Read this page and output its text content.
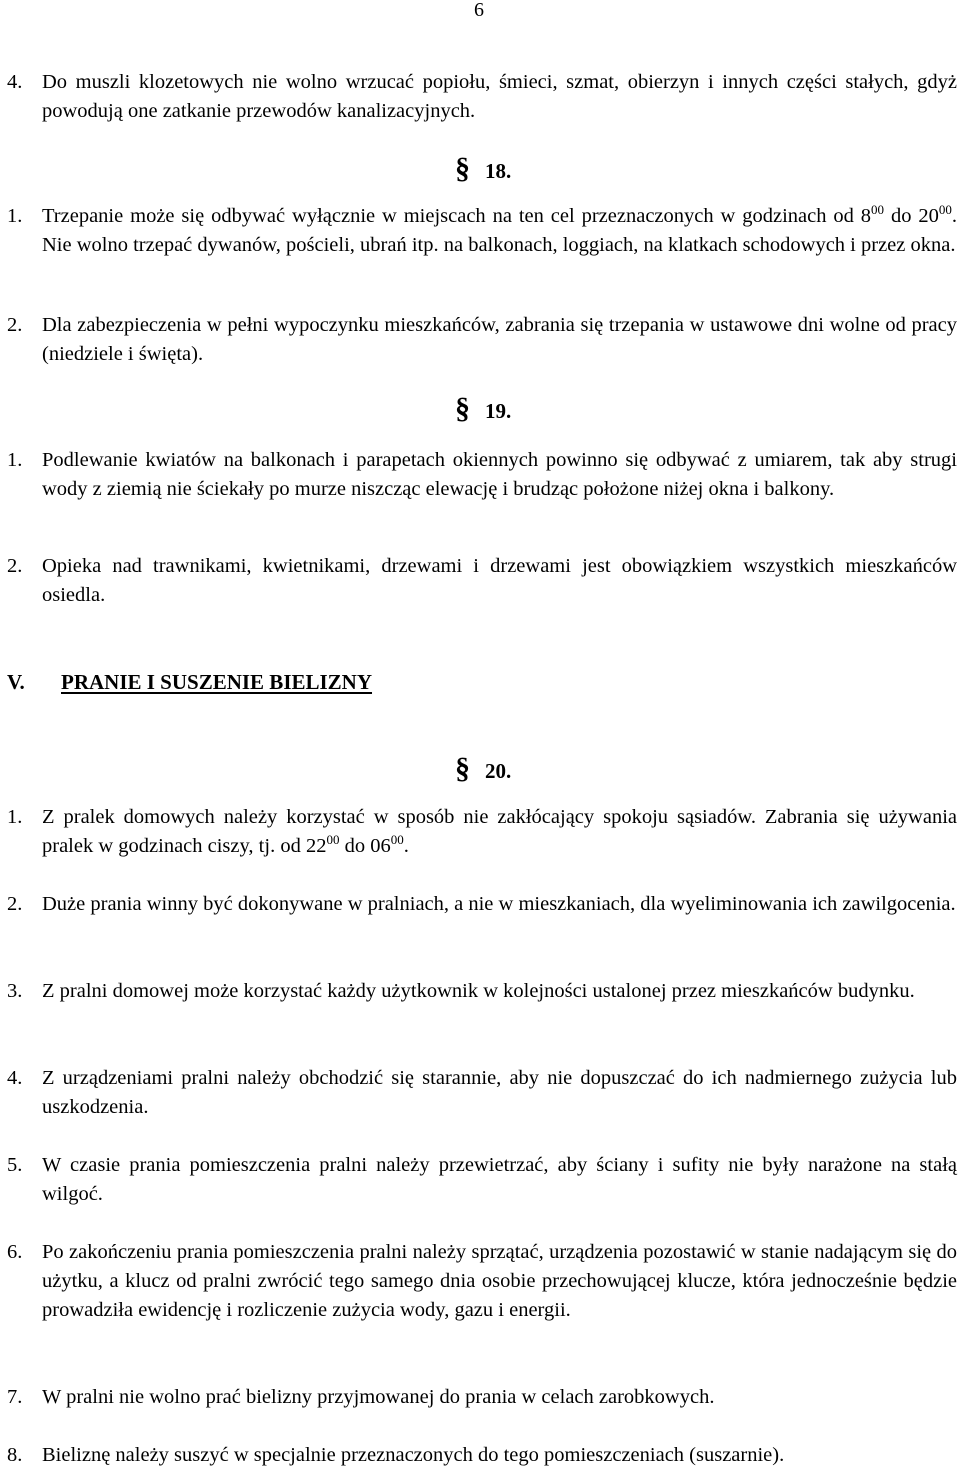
6
4. Do muszli klozetowych nie wolno wrzucać popiołu, śmieci, szmat, obierzyn i innych części stałych, gdyż powodują one zatkanie przewodów kanalizacyjnych.
§ 18.
1. Trzepanie może się odbywać wyłącznie w miejscach na ten cel przeznaczonych w godzinach od $8^{00}$ do $20^{00}$. Nie wolno trzepać dywanów, pościeli, ubrań itp. na balkonach, loggiach, na klatkach schodowych i przez okna.
2. Dla zabezpieczenia w pełni wypoczynku mieszkańców, zabrania się trzepania w ustawowe dni wolne od pracy (niedziele i święta).
§ 19.
1. Podlewanie kwiatów na balkonach i parapetach okiennych powinno się odbywać z umiarem, tak aby strugi wody z ziemią nie ściekały po murze niszcząc elewację i brudząc położone niżej okna i balkony.
2. Opieka nad trawnikami, kwietnikami, drzewami i drzewami jest obowiązkiem wszystkich mieszkańców osiedla.
V.	PRANIE I SUSZENIE BIELIZNY
§ 20.
1. Z pralek domowych należy korzystać w sposób nie zakłócający spokoju sąsiadów. Zabrania się używania pralek w godzinach ciszy, tj. od $22^{00}$ do $06^{00}$.
2. Duże prania winny być dokonywane w pralniach, a nie w mieszkaniach, dla wyeliminowania ich zawilgocenia.
3. Z pralni domowej może korzystać każdy użytkownik w kolejności ustalonej przez mieszkańców budynku.
4. Z urządzeniami pralni należy obchodzić się starannie, aby nie dopuszczać do ich nadmiernego zużycia lub uszkodzenia.
5. W czasie prania pomieszczenia pralni należy przewietrzać, aby ściany i sufity nie były narażone na stałą wilgoć.
6. Po zakończeniu prania pomieszczenia pralni należy sprzątać, urządzenia pozostawić w stanie nadającym się do użytku, a klucz od pralni zwrócić tego samego dnia osobie przechowującej klucze, która jednocześnie będzie prowadziła ewidencję i rozliczenie zużycia wody, gazu i energii.
7. W pralni nie wolno prać bielizny przyjmowanej do prania w celach zarobkowych.
8. Bieliznę należy suszyć w specjalnie przeznaczonych do tego pomieszczeniach (suszarnie).
